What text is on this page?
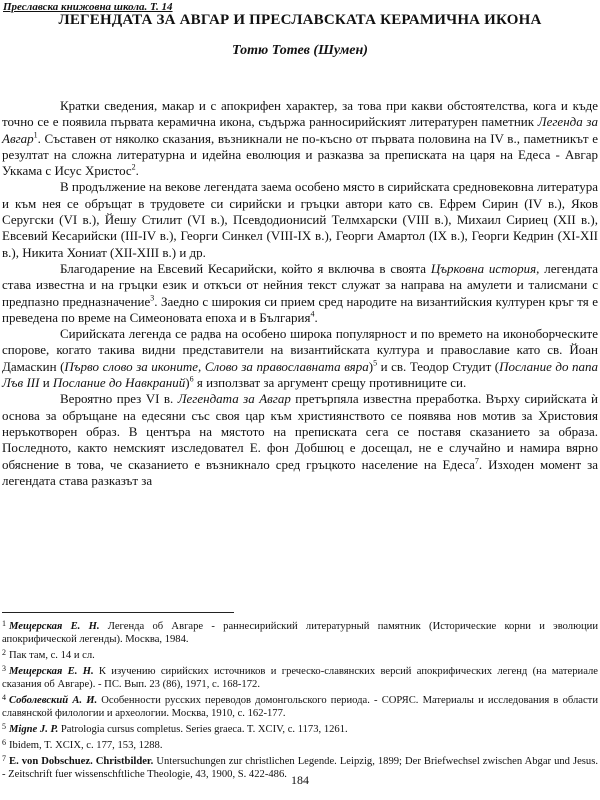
Преславска книжовна школа. Т. 14
ЛЕГЕНДАТА ЗА АВГАР И ПРЕСЛАВСКАТА КЕРАМИЧНА ИКОНА
Тотю Тотев (Шумен)

Кратки сведения, макар и с апокрифен характер, за това при какви обстоятелства, кога и къде точно се е появила първата керамична икона, съдържа ранносирийският литературен паметник Легенда за Авгар$^1$. Съставен от няколко сказания, възникнали не по-късно от първата половина на IV в., паметникът е резултат на сложна литературна и идейна еволюция и разказва за преписката на царя на Едеса - Авгар Уккама с Исус Христос$^2$.

В продължение на векове легендата заема особено място в сирийската средновековна литература и към нея се обръщат в трудовете си сирийски и гръцки автори като св. Ефрем Сирин (IV в.), Яков Серугски (VI в.), Йешу Стилит (VI в.), Псевдодионисий Телмхарски (VIII в.), Михаил Сириец (XII в.), Евсевий Кесарийски (III-IV в.), Георги Синкел (VIII-IX в.), Георги Амартол (IX в.), Георги Кедрин (XI-XII в.), Никита Хониат (XII-XIII в.) и др.

Благодарение на Евсевий Кесарийски, който я включва в своята Църковна история, легендата става известна и на гръцки език и откъси от нейния текст служат за направа на амулети и талисмани с предпазно предназначение$^3$. Заедно с широкия си прием сред народите на византийския културен кръг тя е преведена по време на Симеоновата епоха и в България$^4$.

Сирийската легенда се радва на особено широка популярност и по времето на иконоборческите спорове, когато такива видни представители на византийската култура и православие като св. Йоан Дамаскин (Първо слово за иконите, Слово за православната вяра)$^5$ и св. Теодор Студит (Послание до папа Лъв III и Послание до Навкраний)$^6$ я използват за аргумент срещу противниците си.

Вероятно през VI в. Легендата за Авгар претърпяла известна преработка. Върху сирийската ѝ основа за обръщане на едесяни със своя цар към християнството се появява нов мотив за Христовия неръкотворен образ. В центъра на мястото на преписката сега се поставя сказанието за образа. Последното, както немският изследовател Е. фон Добшюц е досещал, не е случайно и намира вярно обяснение в това, че сказанието е възникнало сред гръцкото население на Едеса$^7$. Изходен момент за легендата става разказът за

$^1$ Мещерская Е. Н. Легенда об Авгаре - раннесирийский литературный памятник (Исторические корни и эволюции апокрифической легенды). Москва, 1984.
$^2$ Пак там, с. 14 и сл.
$^3$ Мещерская Е. Н. К изучению сирийских источников и греческо-славянских версий апокрифических легенд (на материале сказания об Авгаре). - ПС. Вып. 23 (86), 1971, с. 168-172.
$^4$ Соболевский А. И. Особенности русских переводов домонгольского периода. - СОРЯС. Материалы и исследования в области славянской филологии и археологии. Москва, 1910, с. 162-177.
$^5$ Migne J. P. Patrologia cursus completus. Series graeca. T. XCIV, с. 1173, 1261.
$^6$ Ibidem, T. XCIX, с. 177, 153, 1288.
$^7$ E. von Dobschuez. Christbilder. Untersuchungen zur christlichen Legende. Leipzig, 1899; Der Briefwechsel zwischen Abgar und Jesus. - Zeitschrift fuer wissenschftliche Theologie, 43, 1900, S. 422-486. 184
